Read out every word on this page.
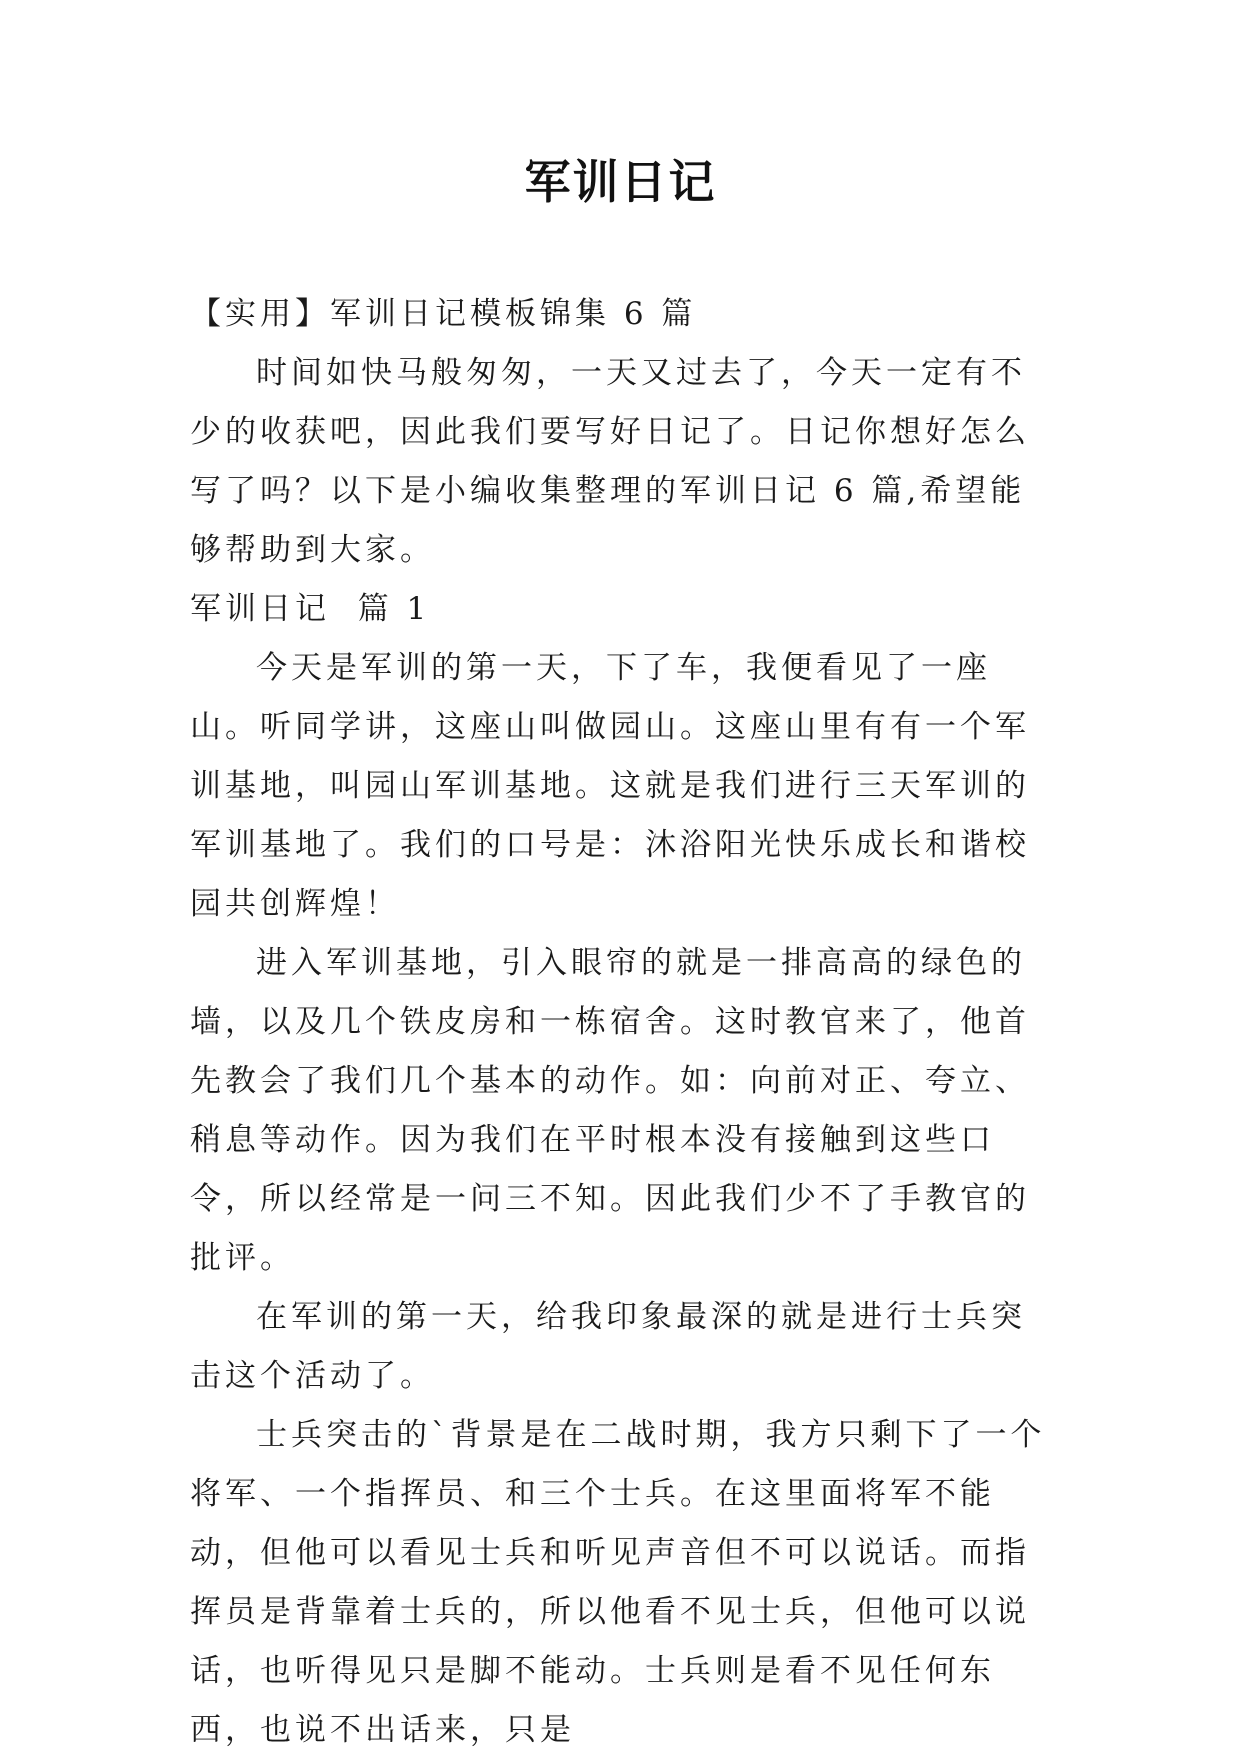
军训日记

【实用】军训日记模板锦集 6 篇

时间如快马般匆匆，一天又过去了，今天一定有不少的收获吧，因此我们要写好日记了。日记你想好怎么写了吗？以下是小编收集整理的军训日记 6 篇,希望能够帮助到大家。

军训日记  篇 1

今天是军训的第一天，下了车，我便看见了一座山。听同学讲，这座山叫做园山。这座山里有有一个军训基地，叫园山军训基地。这就是我们进行三天军训的军训基地了。我们的口号是：沐浴阳光快乐成长和谐校园共创辉煌！

进入军训基地，引入眼帘的就是一排高高的绿色的墙，以及几个铁皮房和一栋宿舍。这时教官来了，他首先教会了我们几个基本的动作。如：向前对正、夸立、稍息等动作。因为我们在平时根本没有接触到这些口令，所以经常是一问三不知。因此我们少不了手教官的批评。

在军训的第一天，给我印象最深的就是进行士兵突击这个活动了。

士兵突击的`背景是在二战时期，我方只剩下了一个将军、一个指挥员、和三个士兵。在这里面将军不能动，但他可以看见士兵和听见声音但不可以说话。而指挥员是背靠着士兵的，所以他看不见士兵，但他可以说话，也听得见只是脚不能动。士兵则是看不见任何东西，也说不出话来，只是
